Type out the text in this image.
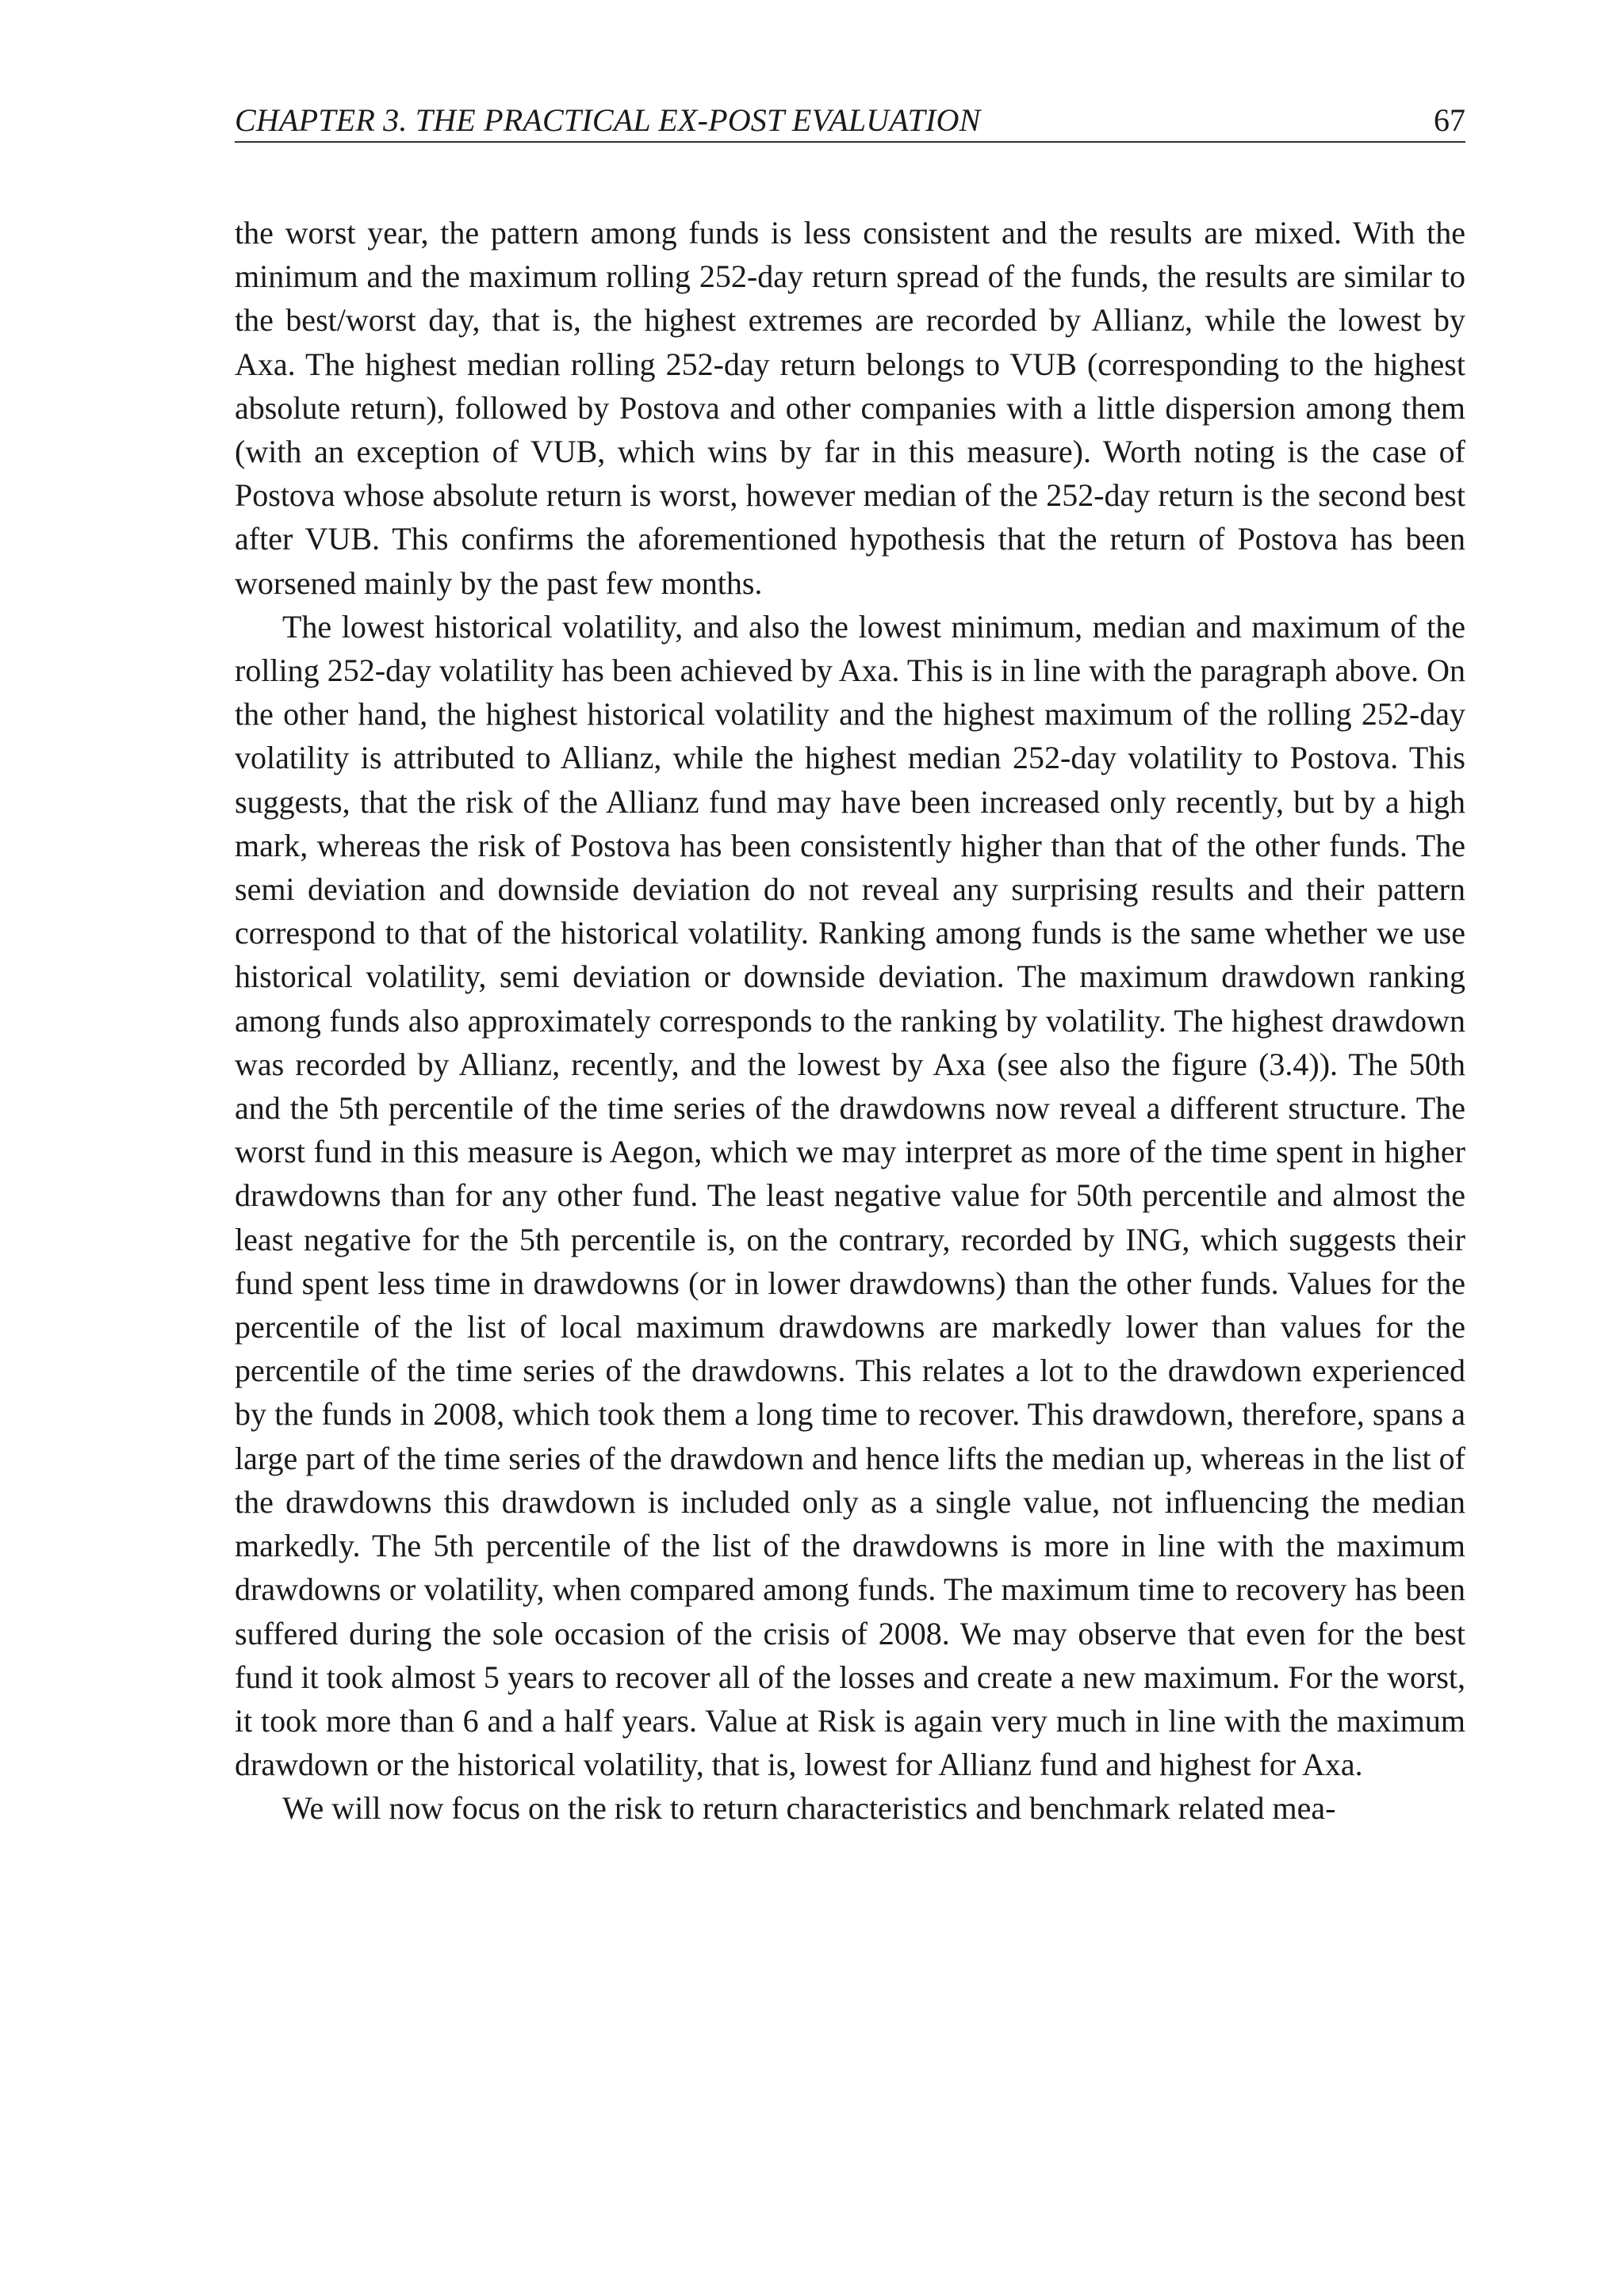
CHAPTER 3. THE PRACTICAL EX-POST EVALUATION	67

the worst year, the pattern among funds is less consistent and the results are mixed. With the minimum and the maximum rolling 252-day return spread of the funds, the results are similar to the best/worst day, that is, the highest extremes are recorded by Allianz, while the lowest by Axa. The highest median rolling 252-day return belongs to VUB (corresponding to the highest absolute return), followed by Postova and other companies with a little dispersion among them (with an exception of VUB, which wins by far in this measure). Worth noting is the case of Postova whose absolute return is worst, however median of the 252-day return is the second best after VUB. This confirms the aforementioned hypothesis that the return of Postova has been worsened mainly by the past few months.

The lowest historical volatility, and also the lowest minimum, median and maximum of the rolling 252-day volatility has been achieved by Axa. This is in line with the paragraph above. On the other hand, the highest historical volatility and the highest maximum of the rolling 252-day volatility is attributed to Allianz, while the highest median 252-day volatility to Postova. This suggests, that the risk of the Allianz fund may have been increased only recently, but by a high mark, whereas the risk of Postova has been consistently higher than that of the other funds. The semi deviation and downside deviation do not reveal any surprising results and their pattern correspond to that of the historical volatility. Ranking among funds is the same whether we use historical volatility, semi deviation or downside deviation. The maximum drawdown ranking among funds also approximately corresponds to the ranking by volatility. The highest drawdown was recorded by Allianz, recently, and the lowest by Axa (see also the figure (3.4)). The 50th and the 5th percentile of the time series of the drawdowns now reveal a different structure. The worst fund in this measure is Aegon, which we may interpret as more of the time spent in higher drawdowns than for any other fund. The least negative value for 50th percentile and almost the least negative for the 5th percentile is, on the contrary, recorded by ING, which suggests their fund spent less time in drawdowns (or in lower drawdowns) than the other funds. Values for the percentile of the list of local maximum drawdowns are markedly lower than values for the percentile of the time series of the drawdowns. This relates a lot to the drawdown experienced by the funds in 2008, which took them a long time to recover. This drawdown, therefore, spans a large part of the time series of the drawdown and hence lifts the median up, whereas in the list of the drawdowns this drawdown is included only as a single value, not influencing the median markedly. The 5th percentile of the list of the drawdowns is more in line with the maximum drawdowns or volatility, when compared among funds. The maximum time to recovery has been suffered during the sole occasion of the crisis of 2008. We may observe that even for the best fund it took almost 5 years to recover all of the losses and create a new maximum. For the worst, it took more than 6 and a half years. Value at Risk is again very much in line with the maximum drawdown or the historical volatility, that is, lowest for Allianz fund and highest for Axa.

We will now focus on the risk to return characteristics and benchmark related mea-
